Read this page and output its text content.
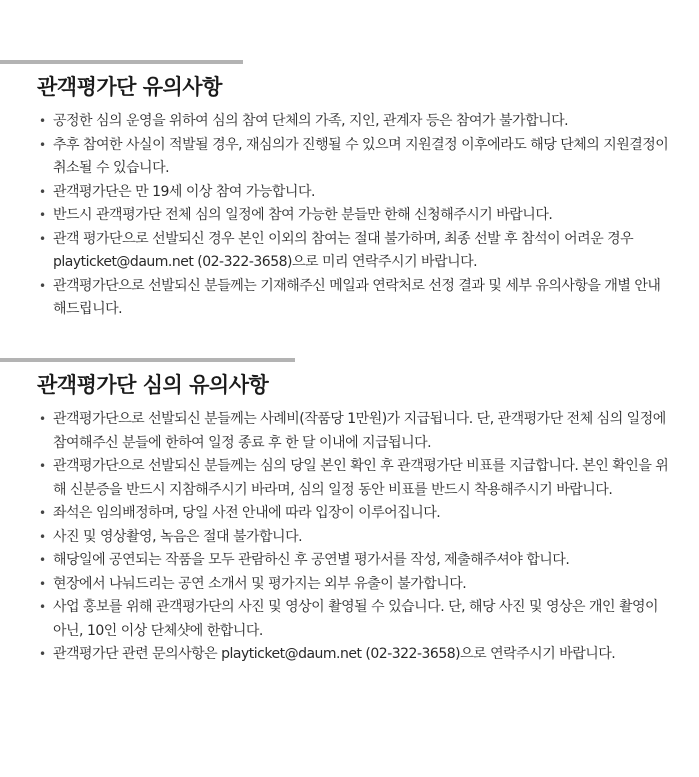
관객평가단 유의사항
• 공정한 심의 운영을 위하여 심의 참여 단체의 가족, 지인, 관계자 등은 참여가 불가합니다.
• 추후 참여한 사실이 적발될 경우, 재심의가 진행될 수 있으며 지원결정 이후에라도 해당 단체의 지원결정이 취소될 수 있습니다.
• 관객평가단은 만 19세 이상 참여 가능합니다.
• 반드시 관객평가단 전체 심의 일정에 참여 가능한 분들만 한해 신청해주시기 바랍니다.
• 관객 평가단으로 선발되신 경우 본인 이외의 참여는 절대 불가하며, 최종 선발 후 참석이 어려운 경우 playticket@daum.net (02-322-3658)으로 미리 연락주시기 바랍니다.
• 관객평가단으로 선발되신 분들께는 기재해주신 메일과 연락처로 선정 결과 및 세부 유의사항을 개별 안내해드립니다.
관객평가단 심의 유의사항
• 관객평가단으로 선발되신 분들께는 사례비(작품당 1만원)가 지급됩니다. 단, 관객평가단 전체 심의 일정에 참여해주신 분들에 한하여 일정 종료 후 한 달 이내에 지급됩니다.
• 관객평가단으로 선발되신 분들께는 심의 당일 본인 확인 후 관객평가단 비표를 지급합니다. 본인 확인을 위해 신분증을 반드시 지참해주시기 바라며, 심의 일정 동안 비표를 반드시 착용해주시기 바랍니다.
• 좌석은 임의배정하며, 당일 사전 안내에 따라 입장이 이루어집니다.
• 사진 및 영상촬영, 녹음은 절대 불가합니다.
• 해당일에 공연되는 작품을 모두 관람하신 후 공연별 평가서를 작성, 제출해주셔야 합니다.
• 현장에서 나눠드리는 공연 소개서 및 평가지는 외부 유출이 불가합니다.
• 사업 홍보를 위해 관객평가단의 사진 및 영상이 촬영될 수 있습니다. 단, 해당 사진 및 영상은 개인 촬영이 아닌, 10인 이상 단체샷에 한합니다.
• 관객평가단 관련 문의사항은 playticket@daum.net (02-322-3658)으로 연락주시기 바랍니다.
